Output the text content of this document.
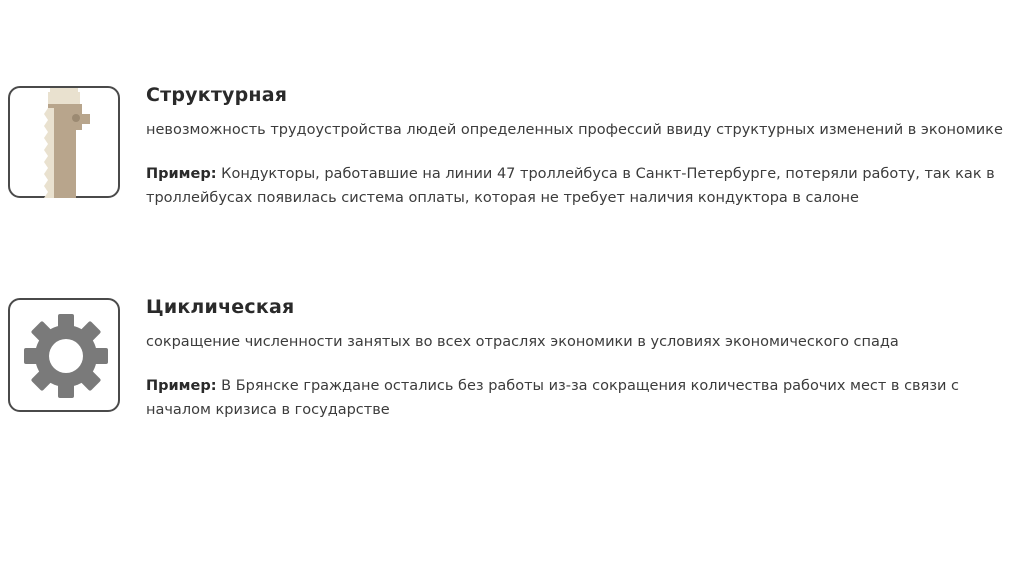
Структурная

невозможность трудоустройства людей определенных профессий ввиду структурных изменений в экономике

Пример: Кондукторы, работавшие на линии 47 троллейбуса в Санкт-Петербурге, потеряли работу, так как в троллейбусах появилась система оплаты, которая не требует наличия кондуктора в салоне

Циклическая

сокращение численности занятых во всех отраслях экономики в условиях экономического спада

Пример: В Брянске граждане остались без работы из-за сокращения количества рабочих мест в связи с началом кризиса в государстве
